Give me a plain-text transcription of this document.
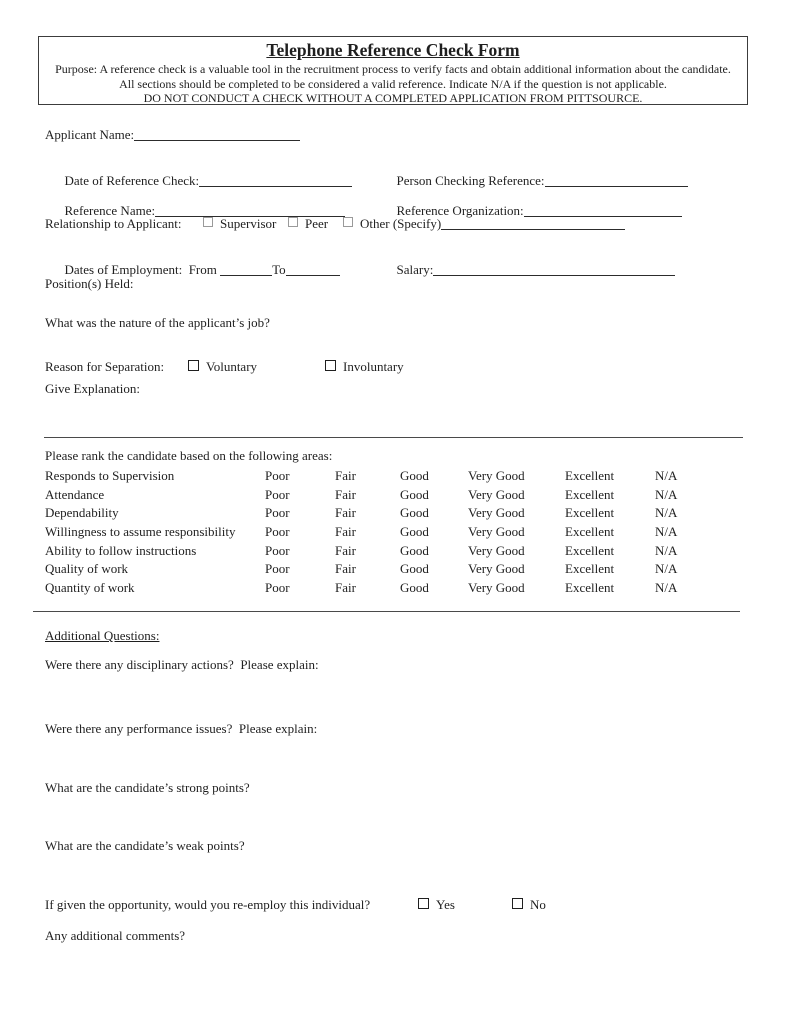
Telephone Reference Check Form
Purpose: A reference check is a valuable tool in the recruitment process to verify facts and obtain additional information about the candidate. All sections should be completed to be considered a valid reference. Indicate N/A if the question is not applicable.
DO NOT CONDUCT A CHECK WITHOUT A COMPLETED APPLICATION FROM PITTSOURCE.
Applicant Name:

Date of Reference Check:
	Person Checking Reference:

Reference Name:
	Reference Organization:

Relationship to Applicant:	Supervisor	Peer	Other (Specify)

Dates of Employment:  From	To
	Salary:

Position(s) Held:
What was the nature of the applicant’s job?
Reason for Separation:	Voluntary	Involuntary
Give Explanation:
Please rank the candidate based on the following areas:
Responds to Supervision	Poor	Fair	Good	Very Good	Excellent	N/A
Attendance	Poor	Fair	Good	Very Good	Excellent	N/A
Dependability	Poor	Fair	Good	Very Good	Excellent	N/A
Willingness to assume responsibility	Poor	Fair	Good	Very Good	Excellent	N/A
Ability to follow instructions	Poor	Fair	Good	Very Good	Excellent	N/A
Quality of work	Poor	Fair	Good	Very Good	Excellent	N/A
Quantity of work	Poor	Fair	Good	Very Good	Excellent	N/A
Additional Questions:
Were there any disciplinary actions?  Please explain:
Were there any performance issues?  Please explain:
What are the candidate’s strong points?
What are the candidate’s weak points?
If given the opportunity, would you re-employ this individual?	Yes	No
Any additional comments?
